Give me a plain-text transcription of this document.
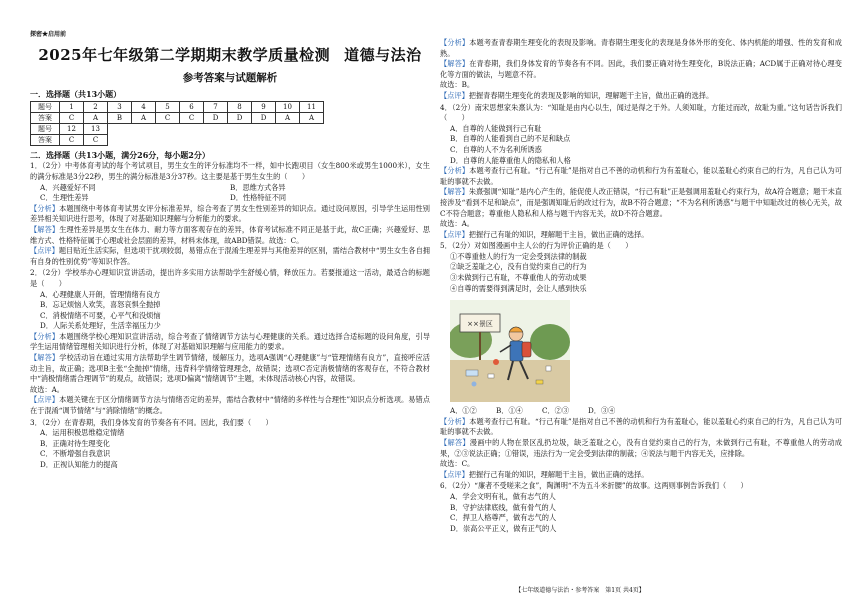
探密★启用前
2025年七年级第二学期期末教学质量检测 道德与法治
参考答案与试题解析
一．选择题（共13小题）
题号	1	2	3	4	5	6	7	8	9	10	11
答案	C	A	B	A	C	C	D	D	D	A	A
题号	12	13									
答案	C	C									
二．选择题（共13小题，满分26分，每小题2分）

1．（2分）中考体育考试的每个考试项目，男生女生的评分标准均不一样，如中长跑项目（女生800米或男生1000米），女生的满分标准是3分22秒，男生的满分标准是3分37秒。这主要是基于男生女生的（　　）

A．兴趣爱好不同	B．思维方式各异
C．生理性差异	D．性格特征不同

【分析】本题围绕中考体育考试男女评分标准差异，综合考查了男女生性别差异的知识点。通过设问原因，引导学生运用性别差异相关知识进行思考，体现了对基础知识理解与分析能力的要求。

【解答】生理性差异是男女生在体力、耐力等方面客观存在的差异，体育考试标准不同正是基于此，故C正确；兴趣爱好、思维方式、性格特征属于心理或社会层面的差异，材料未体现，故ABD错误。故选：C。

【点评】题目贴近生活实际，但选项干扰项较弱，易错点在于混淆生理差异与其他差异的区别，需结合教材中“男生女生各自拥有自身的性别优势”等知识作答。

2．（2分）学校举办心理知识宣讲活动，提出许多实用方法帮助学生舒缓心情，释放压力。若要报道这一活动，最适合的标题是（　　）

A．心理健康人开朗，管理情绪有良方
B．忘记烦恼人欢笑，喜怒哀惧全抛掉
C．消极情绪不可要，心平气和没烦恼
D．人际关系处理好，生活幸福压力少

【分析】本题围绕学校心理知识宣讲活动，综合考查了情绪调节方法与心理健康的关系。通过选择合适标题的设问角度，引导学生运用情绪管理相关知识进行分析，体现了对基础知识理解与应用能力的要求。

【解答】学校活动旨在通过实用方法帮助学生调节情绪，缓解压力，选项A强调“心理健康”与“管理情绪有良方”，直接呼应活动主旨，故正确；选项B主张“全抛掉”情绪，违背科学情绪管理理念，故错误；选项C否定消极情绪的客观存在，不符合教材中“消极情绪需合理调节”的观点，故错误；选项D偏离“情绪调节”主题，未体现活动核心内容，故错误。

故选：A。

【点评】本题关键在于区分情绪调节方法与情绪否定的差异，需结合教材中“情绪的多样性与合理性”知识点分析选项。易错点在于混淆“调节情绪”与“消除情绪”的概念。

3．（2分）在青春期，我们身体发育的节奏各有不同。因此，我们要（　　）

A．运用积极思维稳定情绪
B．正确对待生理变化
C．不断增强自我意识
D．正视认知能力的提高

【分析】本题考查青春期生理变化的表现及影响。青春期生理变化的表现是身体外形的变化、体内机能的增强、性的发育和成熟。

【解答】在青春期，我们身体发育的节奏各有不同。因此，我们要正确对待生理变化，B说法正确；ACD属于正确对待心理变化等方面的做法，与题意不符。

故选：B。

【点评】把握青春期生理变化的表现及影响的知识，理解题干主旨，做出正确的选择。

4．（2分）南宋思想家朱熹认为：“知耻是由内心以生，闻过是得之于外。人须知耻，方能过而改，故耻为重。”这句话告诉我们（　　）

A．自尊的人能做到行己有耻
B．自尊的人能看到自己的不足和缺点
C．自尊的人不为名利所诱惑
D．自尊的人能尊重他人的隐私和人格

【分析】本题考查行己有耻。“行己有耻”是指对自己不善的动机和行为有羞耻心，能以羞耻心约束自己的行为，凡自己认为可耻的事就不去做。

【解答】朱熹强调“知耻”是内心产生的，能促使人改正错误，“行己有耻”正是强调用羞耻心约束行为，故A符合题意；题干未直接涉及“看到不足和缺点”，而是强调知耻后的改过行为，故B不符合题意；“不为名利所诱惑”与题干中知耻改过的核心无关，故C不符合题意；尊重他人隐私和人格与题干内容无关，故D不符合题意。

故选：A。

【点评】把握行己有耻的知识，理解题干主旨，做出正确的选择。

5．（2分）对如图漫画中主人公的行为评价正确的是（　　）

①不尊重他人的行为一定会受到法律的制裁
②缺乏羞耻之心，没有自觉约束自己的行为
③未做到行己有耻，不尊重他人的劳动成果
④自尊的需要得到满足时，会让人感到快乐
××景区
A．①②	B．①④	C．②③	D．③④

【分析】本题考查行己有耻。“行己有耻”是指对自己不善的动机和行为有羞耻心，能以羞耻心约束自己的行为，凡自己认为可耻的事就不去做。

【解答】漫画中的人物在景区乱扔垃圾，缺乏羞耻之心，没有自觉约束自己的行为，未做到行己有耻，不尊重他人的劳动成果，②③说法正确；①错误，违法行为一定会受到法律的制裁；④说法与题干内容无关，应排除。

故选：C。

【点评】把握行己有耻的知识，理解题干主旨，做出正确的选择。

6．（2分）“廉者不受嗟来之食”，陶渊明“不为五斗米折腰”的故事。这两则事例告诉我们（　　）

A．学会文明有礼，做有志气的人
B．守护法律底线，做有骨气的人
C．捍卫人格尊严，做有志气的人
D．崇高公平正义，做有正气的人
【七年级道德与法治・参考答案　第1页 共4页】
